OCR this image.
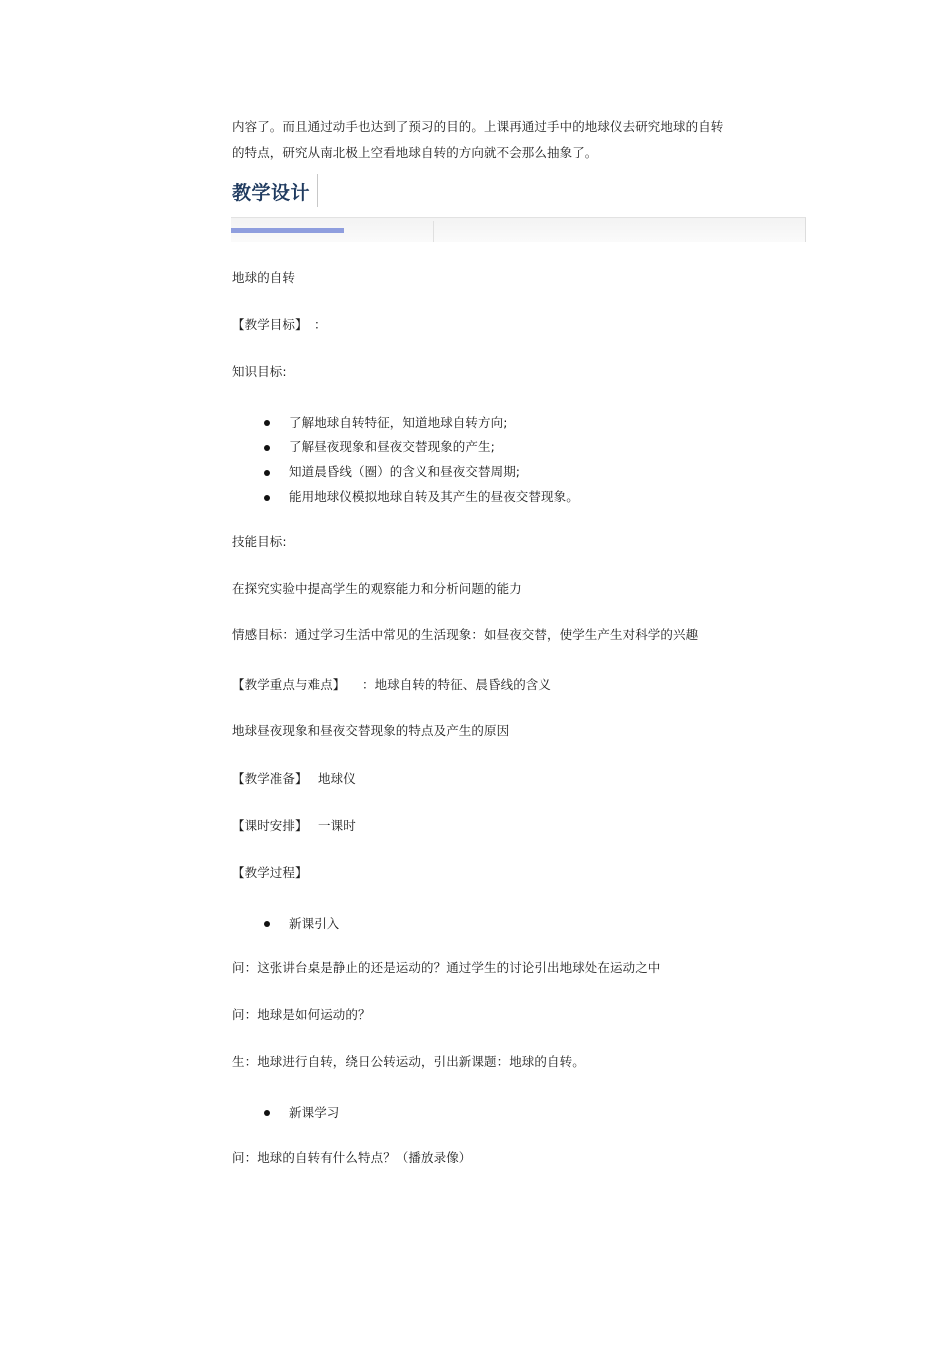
内容了。而且通过动手也达到了预习的目的。上课再通过手中的地球仪去研究地球的自转
的特点，研究从南北极上空看地球自转的方向就不会那么抽象了。
教学设计
地球的自转
【教学目标】 ：
知识目标:
了解地球自转特征，知道地球自转方向;
了解昼夜现象和昼夜交替现象的产生;
知道晨昏线（圈）的含义和昼夜交替周期;
能用地球仪模拟地球自转及其产生的昼夜交替现象。
技能目标:
在探究实验中提高学生的观察能力和分析问题的能力
情感目标：通过学习生活中常见的生活现象：如昼夜交替，使学生产生对科学的兴趣
【教学重点与难点】 ：地球自转的特征、晨昏线的含义
地球昼夜现象和昼夜交替现象的特点及产生的原因
【教学准备】 地球仪
【课时安排】 一课时
【教学过程】
新课引入
问：这张讲台桌是静止的还是运动的？通过学生的讨论引出地球处在运动之中
问：地球是如何运动的？
生：地球进行自转，绕日公转运动，引出新课题：地球的自转。
新课学习
问：地球的自转有什么特点？（播放录像）
